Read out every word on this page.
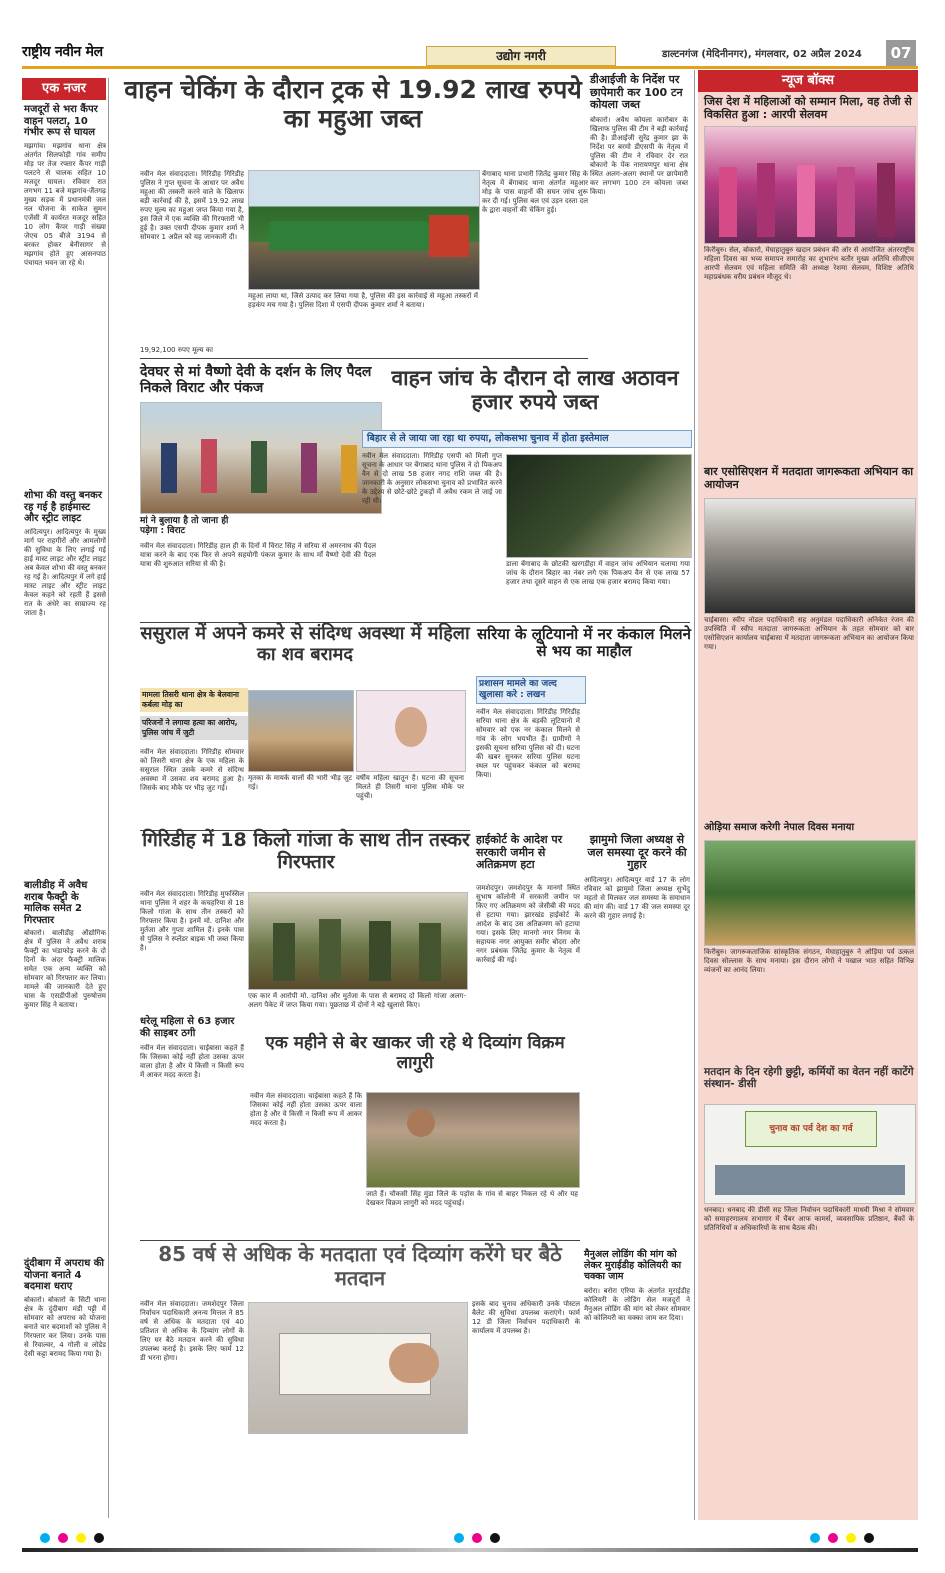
राष्ट्रीय नवीन मेल	उद्योग नगरी	डाल्टनगंज (मेदिनीनगर), मंगलवार, 02 अप्रैल 2024	07
एक नजर
मजदूरों से भरा कैंपर वाहन पलटा, 10 गंभीर रूप से घायल
मझगांव। मझगांव थाना क्षेत्र अंतर्गत सिलफोड़ी गांव समीप मोड़ पर तेज रफ्तार कैंपर गाड़ी पलटने से चालक सहित 10 मजदूर घायल। रविवार रात लगभग 11 बजे मझगांव-जैंतगढ़ मुख्य सड़क में प्रधानमंत्री जल नल योजना के साकेत सुमन एजेंसी में कार्यरत मजदूर सहित 10 लोग कैंपर गाड़ी संख्या जेएच 05 बीजे 3194 से बरकर होकर बेनीसागर से मझगांव होते हुए आसनपाठ पंचायत भवन जा रहे थे।
शोभा की वस्तु बनकर रह गई है हाईमास्ट और स्ट्रीट लाइट
आदित्यपुर। आदित्यपुर के मुख्य मार्ग पर राहगीरों और आमलोगों की सुविधा के लिए लगाई गई हाई मास्ट लाइट और स्ट्रीट लाइट अब केवल शोभा की वस्तु बनकर रह गई है। आदित्यपुर में लगे हाई मास्ट लाइट और स्ट्रीट लाइट केवल कहने को रहती हैं इससे रात के अंधेरे का साम्राज्य रह जाता है।
बालीडीह में अवैध शराब फैक्ट्री के मालिक समेत 2 गिरफ्तार
बोकारो। बालीडीह औद्योगिक क्षेत्र में पुलिस ने अवैध शराब फैक्ट्री का भंडाफोड़ करने के दो दिनों के अंदर फैक्ट्री मालिक समेत एक अन्य व्यक्ति को सोमवार को गिरफ्तार कर लिया। मामले की जानकारी देते हुए चास के एसडीपीओ पुरुषोत्तम कुमार सिंह ने बताया।
दुंदीबाग में अपराध की योजना बनाते 4 बदमाश धराए
बोकारो। बोकारो के सिटी थाना क्षेत्र के दुंदीबाग मंडी पट्टी में सोमवार को अपराध को योजना बनाते चार बदमाशों को पुलिस ने गिरफ्तार कर लिया। उनके पास से रिवाल्वर, 4 गोली व लोडेड देसी कट्टा बरामद किया गया है।
वाहन चेकिंग के दौरान ट्रक से 19.92 लाख रुपये का महुआ जब्त
नवीन मेल संवाददाता। गिरिडीह गिरिडीह पुलिस ने गुप्त सूचना के आधार पर अवैध महुआ की तस्करी करने वाले के खिलाफ बड़ी कार्रवाई की है, इसमें 19.92 लाख रुपए मूल्य का महुआ जप्त किया गया है, इस जिले में एक व्यक्ति की गिरफ्तारी भी हुई है। उक्त एसपी दीपक कुमार शर्मा ने सोमवार 1 अप्रैल को यह जानकारी दी।
महुआ लाया था, जिसे उत्पाद कर लिया गया है, पुलिस की इस कार्रवाई से महुआ तस्करों में हड़कंप मच गया है। पुलिस दिशा में एसपी दीपक कुमार शर्मा ने बताया।
बेंगाबाद थाना प्रभारी जितेंद्र कुमार सिंह के नेतृत्व में बेंगाबाद थाना अंतर्गत महुआर मोड़ के पास वाहनों की सघन जांच शुरू कर दी गई। पुलिस बल एवं उड़न दस्ता दल के द्वारा वाहनों की चेकिंग हुई।
19,92,100 रुपए मूल्य का
डीआईजी के निर्देश पर छापेमारी कर 100 टन कोयला जब्त
बोकारो। अवैध कोयला कारोबार के खिलाफ पुलिस की टीम ने बड़ी कार्रवाई की है। डीआईजी सुरेंद्र कुमार झा के निर्देश पर बरमो डीएसपी के नेतृत्व में पुलिस की टीम ने रविवार देर रात बोकारो के पेंक नारायणपुर थाना क्षेत्र स्थित अलग-अलग स्थानों पर छापेमारी कर लगभग 100 टन कोयला जब्त किया।
देवघर से मां वैष्णो देवी के दर्शन के लिए पैदल निकले विराट और पंकज
मां ने बुलाया है तो जाना ही पड़ेगा : विराट
नवीन मेल संवाददाता। गिरिडीह हाल ही के दिनों में विराट सिंह ने सरिया से अमरनाथ की पैदल यात्रा करने के बाद एक फिर से अपने सहयोगी पंकज कुमार के साथ माँ वैष्णो देवी की पैदल यात्रा की शुरुआत सरिया से की है।
वाहन जांच के दौरान दो लाख अठावन हजार रुपये जब्त
बिहार से ले जाया जा रहा था रुपया, लोकसभा चुनाव में होता इस्तेमाल
नवीन मेल संवाददाता। गिरिडीह एसपी को मिली गुप्त सूचना के आधार पर बेंगाबाद थाना पुलिस ने दो पिकअप वैन से दो लाख 58 हजार नगद राशि जब्त की है। जानकारी के अनुसार लोकसभा चुनाव को प्रभावित करने के उद्देश्य से छोटे-छोटे टुकड़ों में अवैध रकम ले जाई जा रही थी।
डाला बेंगाबाद के छोटकी खरगडीहा में वाहन जांच अभियान चलाया गया जांच के दौरान बिहार का नंबर लगे एक पिकअप वैन से एक लाख 57 हजार तथा दूसरे वाहन से एक लाख एक हजार बरामद किया गया।
ससुराल में अपने कमरे से संदिग्ध अवस्था में महिला का शव बरामद
मामला तिसरी थाना क्षेत्र के बेलवाना कर्बला मोड़ का
परिजनों ने लगाया हत्या का आरोप, पुलिस जांच में जुटी
नवीन मेल संवाददाता। गिरिडीह सोमवार को तिसरी थाना क्षेत्र के एक महिला के ससुराल स्थित उसके कमरे से संदिग्ध अवस्था में उसका शव बरामद हुआ है। जिसके बाद मौके पर भीड़ जुट गई।
मृतका के मायके वालों की भारी भीड़ जुट गई।
वर्षीय महिला खातून है। घटना की सूचना मिलते ही तिसरी थाना पुलिस मौके पर पहुंची।
सरिया के लूटियानो में नर कंकाल मिलने से भय का माहौल
प्रशासन मामले का जल्द खुलासा करे : लखन
नवीन मेल संवाददाता। गिरिडीह गिरिडीह सरिया थाना क्षेत्र के बड़की लूटियानो में सोमवार को एक नर कंकाल मिलने से गांव के लोग भयभीत हैं। ग्रामीणों ने इसकी सूचना सरिया पुलिस को दी। घटना की खबर सुनकर सरिया पुलिस घटना स्थल पर पहुंचकर कंकाल को बरामद किया।
हाईकोर्ट के आदेश पर सरकारी जमीन से अतिक्रमण हटा
जमशेदपुर। जमशेदपुर के मानगो स्थित सुभाष कॉलोनी में सरकारी जमीन पर किए गए अतिक्रमण को जेसीबी की मदद से हटाया गया। झारखंड हाईकोर्ट के आदेश के बाद उस अतिक्रमण को हटाया गया। इसके लिए मानगो नगर निगम के सहायक नगर आयुक्त समीर बोदरा और नगर प्रबंधक जितेंद्र कुमार के नेतृत्व में कार्रवाई की गई।
झामुमो जिला अध्यक्ष से जल समस्या दूर करने की गुहार
आदित्यपुर। आदित्यपुर वार्ड 17 के लोग रविवार को झामुमो जिला अध्यक्ष सुभेंदु महतो से मिलकर जल समस्या के समाधान की मांग की। वार्ड 17 की जल समस्या दूर करने की गुहार लगाई है।
गिरिडीह में 18 किलो गांजा के साथ तीन तस्कर गिरफ्तार
नवीन मेल संवाददाता। गिरिडीह मुफस्सिल थाना पुलिस ने शहर के कचहरिया से 18 किलो गांजा के साथ तीन तस्करों को गिरफ्तार किया है। इनमें मो. दानिश और मुर्तजा और गुप्ता शामिल हैं। इनके पास से पुलिस ने स्प्लेंडर बाइक भी जब्त किया है।
एक कार में आरोपी मो. दानिश और मुर्तजा के पास से बरामद दो किलो गांजा अलग-अलग पैकेट में जप्त किया गया। पूछताछ में दोनों ने बड़े खुलासे किए।
धरेलू महिला से 63 हजार की साइबर ठगी
नवीन मेल संवाददाता। चाईबासा कहते हैं कि जिसका कोई नहीं होता उसका ऊपर वाला होता है और ये किसी न किसी रूप में आकर मदद करता है।
एक महीने से बेर खाकर जी रहे थे दिव्यांग विक्रम लागुरी
नवीन मेल संवाददाता। चाईबासा कहते हैं कि जिसका कोई नहीं होता उसका ऊपर वाला होता है और ये किसी न किसी रूप में आकर मदद करता है।
जाते हैं। चौकसी सिंह मुंडा जिले के पड़ोस के गांव से बाहर निकल रहे थे और यह देखकर विक्रम लागुरी को मदद पहुंचाई।
85 वर्ष से अधिक के मतदाता एवं दिव्यांग करेंगे घर बैठे मतदान
नवीन मेल संवाददाता। जमशेदपुर जिला निर्वाचन पदाधिकारी अनन्य मित्तल ने 85 वर्ष से अधिक के मतदाता एवं 40 प्रतिशत से अधिक के दिव्यांग लोगों के लिए घर बैठे मतदान करने की सुविधा उपलब्ध कराई है। इसके लिए फार्म 12 डी भरना होगा।
इसके बाद चुनाव अधिकारी उनके पोस्टल बैलेट की सुविधा उपलब्ध कराएंगे। फार्म 12 डी जिला निर्वाचन पदाधिकारी के कार्यालय में उपलब्ध है।
मैनुअल लोडिंग की मांग को लेकर मुराईडीह कोलियरी का चक्का जाम
बरोरा। बरोरा एरिया के अंतर्गत मुराईडीह कोलियरी के लोडिंग सेल मजदूरों ने मैनुअल लोडिंग की मांग को लेकर सोमवार को कोलियरी का चक्का जाम कर दिया।
न्यूज बॉक्स
जिस देश में महिलाओं को सम्मान मिला, वह तेजी से विकसित हुआ : आरपी सेलवम
किरीबुरु। सेल, बोकारो, मेघाहातुबुरु खदान प्रबंधन की ओर से आयोजित अंतरराष्ट्रीय महिला दिवस का भव्य समापन समारोह का शुभारंभ बतौर मुख्य अतिथि सीजीएम आरपी सेलवम एवं महिला समिति की अध्यक्ष रेशमा सेलवम, विशिष्ट अतिथि महाप्रबंधक वरीय प्रबंधन मौजूद थे।
बार एसोसिएशन में मतदाता जागरूकता अभियान का आयोजन
चाईबासा। स्वीप नोडल पदाधिकारी सह अनुमंडल पदाधिकारी अनिकेत रंजन की उपस्थिति में स्वीप मतदाता जागरूकता अभियान के तहत सोमवार को बार एसोसिएशन कार्यालय चाईबासा में मतदाता जागरूकता अभियान का आयोजन किया गया।
ओड़िया समाज करेगी नेपाल दिवस मनाया
किरीबुरु। जागरूकताजिक सांस्कृतिक संगठन, मेघाहातुबुरु ने ओड़िया पर्व उत्कल दिवस सोल्लास के साथ मनाया। इस दौरान लोगों ने पखाल भात सहित विभिन्न व्यंजनों का आनंद लिया।
मतदान के दिन रहेगी छुट्टी, कर्मियों का वेतन नहीं काटेंगे संस्थान- डीसी
चुनाव का पर्व देश का गर्व
धनबाद। धनबाद की डीसी सह जिला निर्वाचन पदाधिकारी माधवी मिश्रा ने सोमवार को समाहरणालय सभागार में चैंबर आफ कामर्स, व्यवसायिक प्रतिष्ठान, बैंकों के प्रतिनिधियों व अधिकारियों के साथ बैठक की।
